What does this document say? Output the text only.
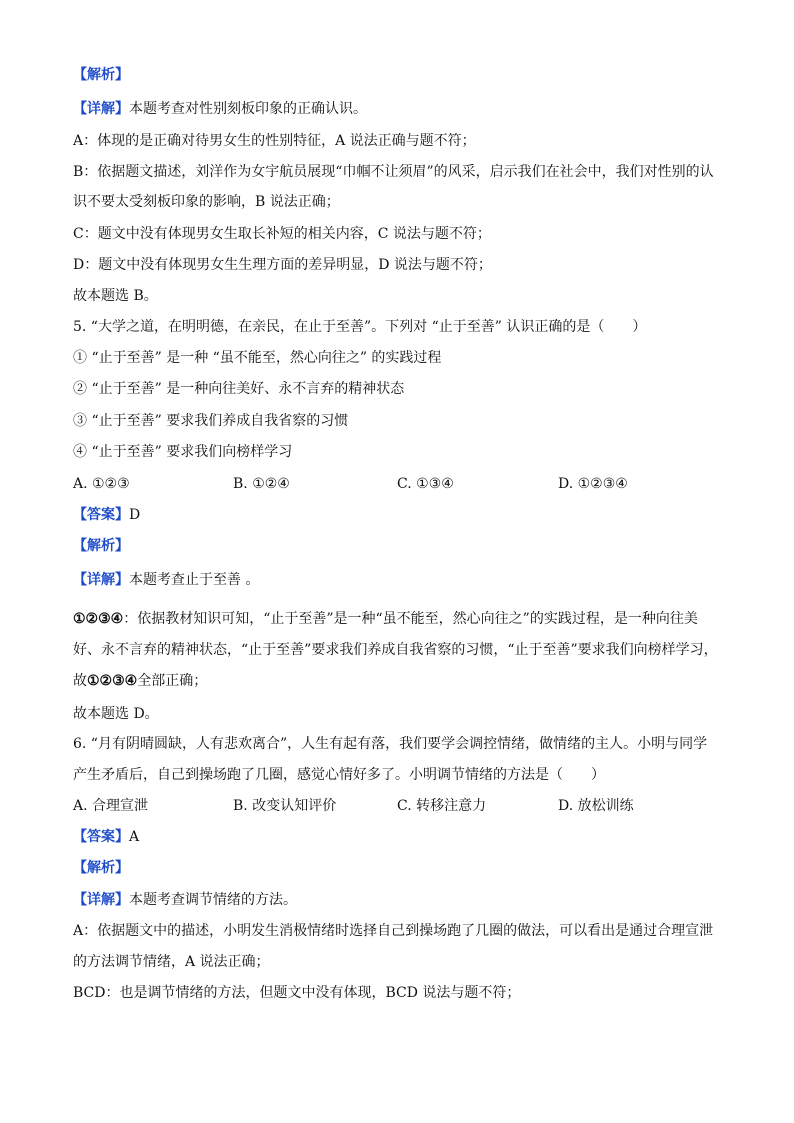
【解析】
【详解】本题考查对性别刻板印象的正确认识。
A：体现的是正确对待男女生的性别特征，A 说法正确与题不符；
B：依据题文描述，刘洋作为女宇航员展现“巾帼不让须眉”的风采，启示我们在社会中，我们对性别的认
识不要太受刻板印象的影响，B 说法正确；
C：题文中没有体现男女生取长补短的相关内容，C 说法与题不符；
D：题文中没有体现男女生生理方面的差异明显，D 说法与题不符；
故本题选 B。
5. “大学之道，在明明德，在亲民，在止于至善”。下列对 “止于至善” 认识正确的是（　　）
① “止于至善” 是一种 “虽不能至，然心向往之” 的实践过程
② “止于至善” 是一种向往美好、永不言弃的精神状态
③ “止于至善” 要求我们养成自我省察的习惯
④ “止于至善” 要求我们向榜样学习
A. ①②③	B. ①②④	C. ①③④	D. ①②③④
【答案】D
【解析】
【详解】本题考查止于至善 。
①②③④：依据教材知识可知，“止于至善”是一种“虽不能至，然心向往之”的实践过程，是一种向往美
好、永不言弃的精神状态，“止于至善”要求我们养成自我省察的习惯，“止于至善”要求我们向榜样学习，
故①②③④全部正确；
故本题选 D。
6. “月有阴晴圆缺，人有悲欢离合”，人生有起有落，我们要学会调控情绪，做情绪的主人。小明与同学
产生矛盾后，自己到操场跑了几圈，感觉心情好多了。小明调节情绪的方法是（　　）
A. 合理宣泄	B. 改变认知评价	C. 转移注意力	D. 放松训练
【答案】A
【解析】
【详解】本题考查调节情绪的方法。
A：依据题文中的描述，小明发生消极情绪时选择自己到操场跑了几圈的做法，可以看出是通过合理宣泄
的方法调节情绪，A 说法正确；
BCD：也是调节情绪的方法，但题文中没有体现，BCD 说法与题不符；
